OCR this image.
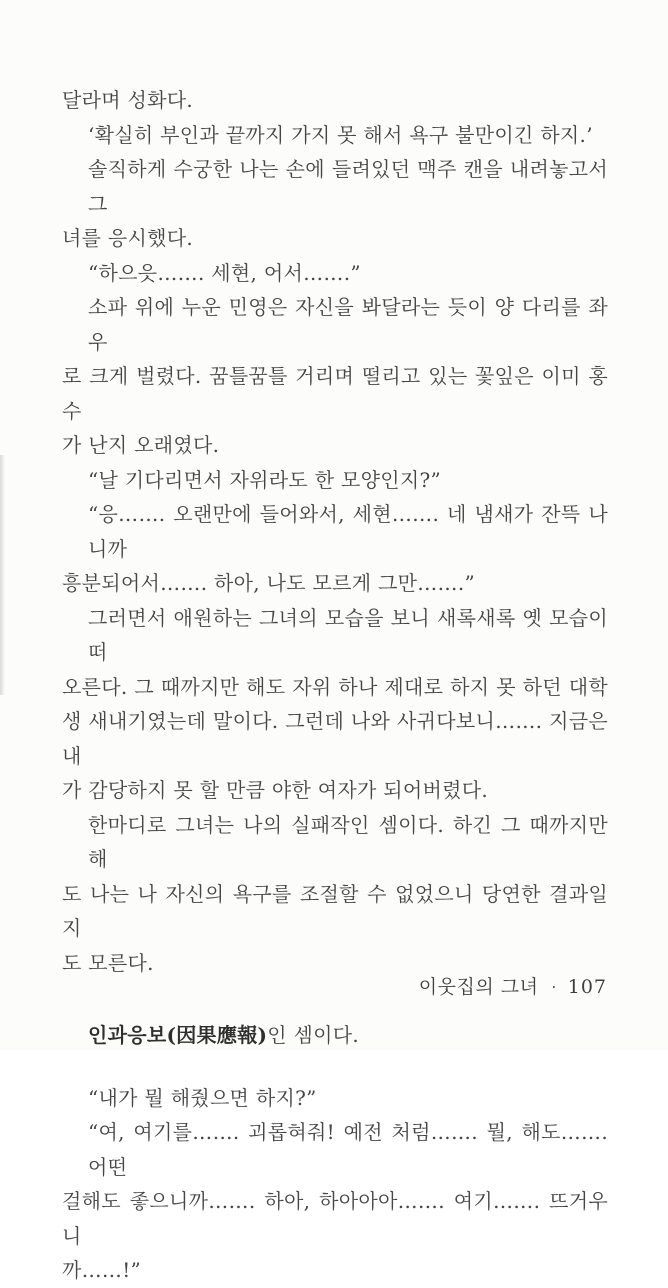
달라며 성화다.
‘확실히 부인과 끝까지 가지 못 해서 욕구 불만이긴 하지.’
솔직하게 수궁한 나는 손에 들려있던 맥주 캔을 내려놓고서 그
녀를 응시했다.
“하으읏……. 세현, 어서…….”
소파 위에 누운 민영은 자신을 봐달라는 듯이 양 다리를 좌우
로 크게 벌렸다. 꿈틀꿈틀 거리며 떨리고 있는 꽃잎은 이미 홍수
가 난지 오래였다.
“날 기다리면서 자위라도 한 모양인지?”
“응……. 오랜만에 들어와서, 세현……. 네 냄새가 잔뜩 나니까
흥분되어서……. 하아, 나도 모르게 그만…….”
그러면서 애원하는 그녀의 모습을 보니 새록새록 옛 모습이 떠
오른다. 그 때까지만 해도 자위 하나 제대로 하지 못 하던 대학
생 새내기였는데 말이다. 그런데 나와 사귀다보니……. 지금은 내
가 감당하지 못 할 만큼 야한 여자가 되어버렸다.
한마디로 그녀는 나의 실패작인 셈이다. 하긴 그 때까지만 해
도 나는 나 자신의 욕구를 조절할 수 없었으니 당연한 결과일지
도 모른다.
인과응보(因果應報)인 셈이다.
“내가 뭘 해줬으면 하지?”
“여, 여기를……. 괴롭혀줘! 예전 처럼……. 뭘, 해도……. 어떤
걸해도 좋으니까……. 하아, 하아아아……. 여기……. 뜨거우니
까……!”
이웃집의 그녀 · 107
